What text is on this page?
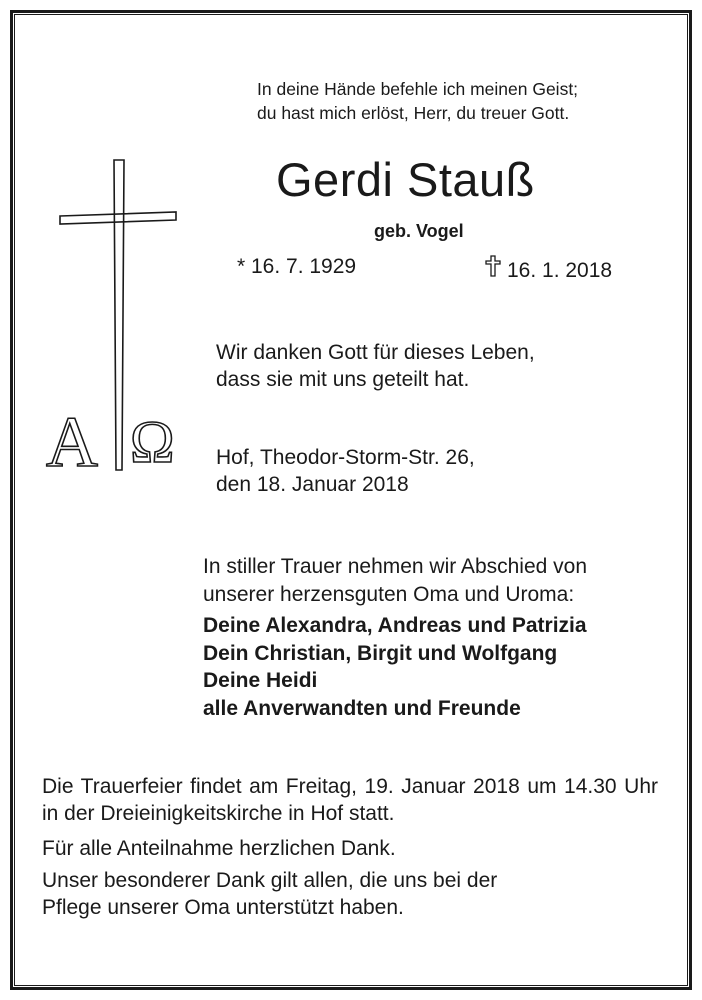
A Ω
In deine Hände befehle ich meinen Geist;
du hast mich erlöst, Herr, du treuer Gott.
Gerdi Stauß
geb. Vogel
* 16. 7. 1929	16. 1. 2018
Wir danken Gott für dieses Leben,
dass sie mit uns geteilt hat.
Hof, Theodor-Storm-Str. 26,
den 18. Januar 2018
In stiller Trauer nehmen wir Abschied von
unserer herzensguten Oma und Uroma:
Deine Alexandra, Andreas und Patrizia
Dein Christian, Birgit und Wolfgang
Deine Heidi
alle Anverwandten und Freunde
Die Trauerfeier findet am Freitag, 19. Januar 2018 um 14.30 Uhr in der Dreieinigkeitskirche in Hof statt.
Für alle Anteilnahme herzlichen Dank.
Unser besonderer Dank gilt allen, die uns bei der
Pflege unserer Oma unterstützt haben.
